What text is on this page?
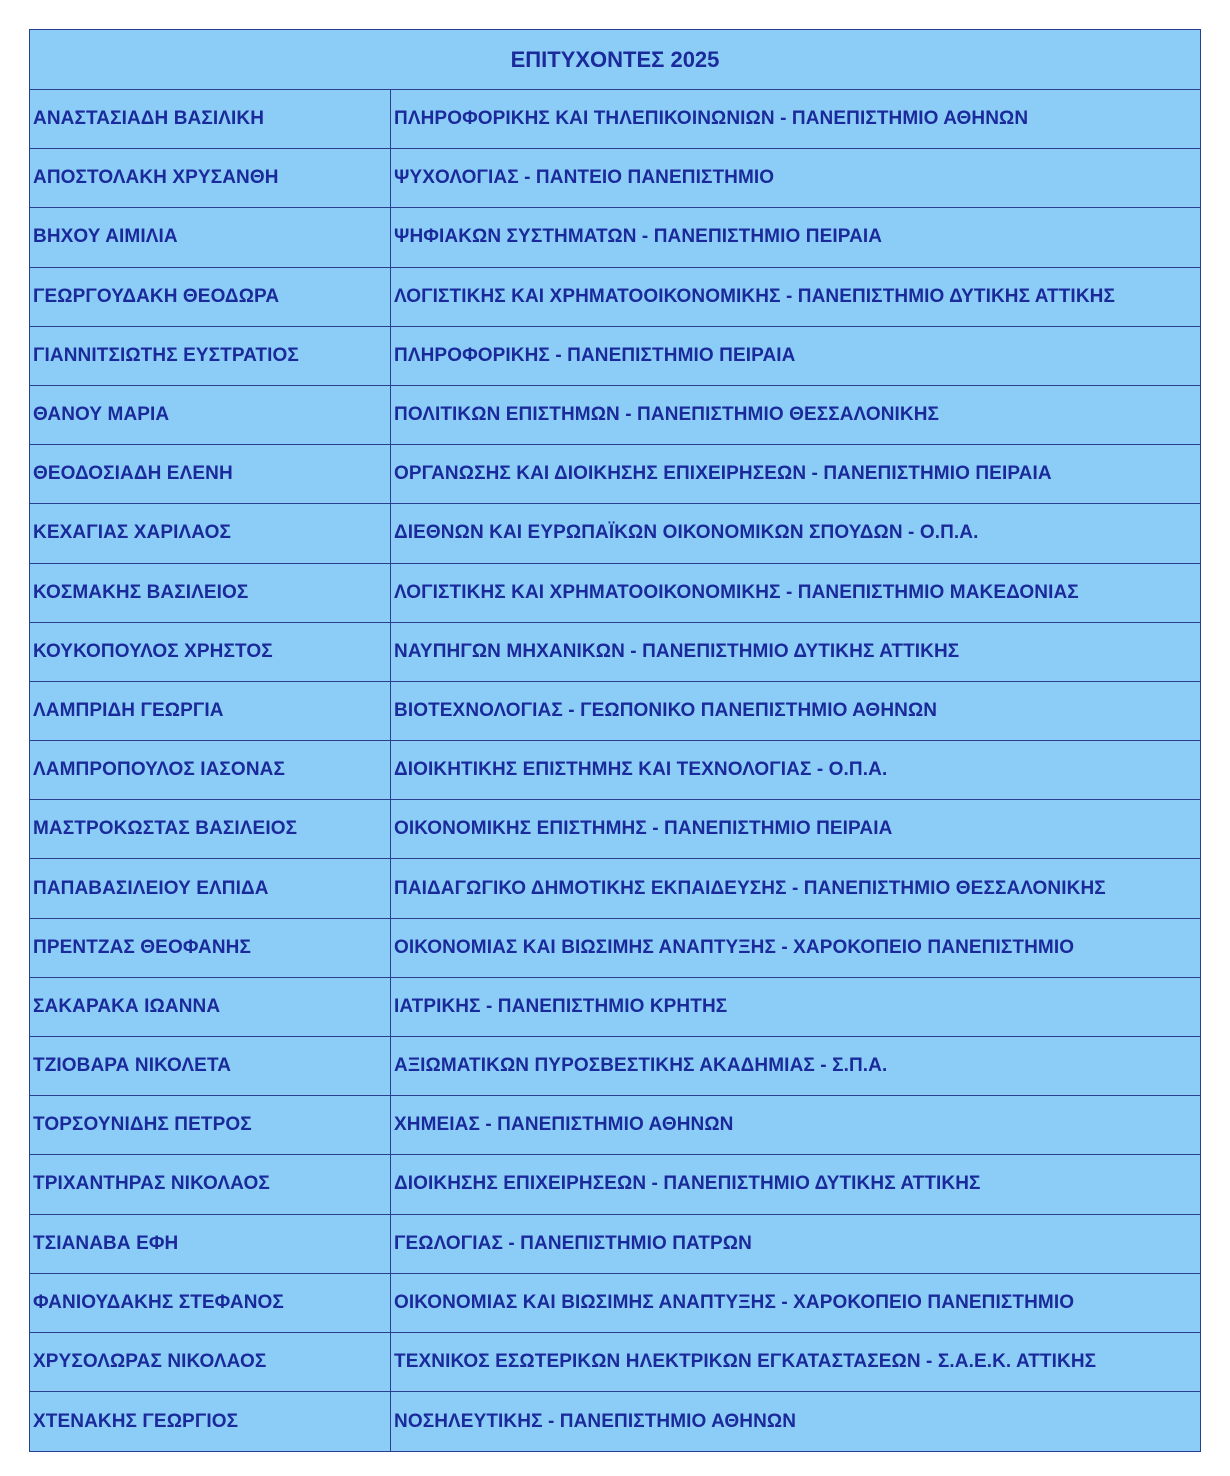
ΕΠΙΤΥΧΟΝΤΕΣ 2025
ΑΝΑΣΤΑΣΙΑΔΗ ΒΑΣΙΛΙΚΗ	ΠΛΗΡΟΦΟΡΙΚΗΣ ΚΑΙ ΤΗΛΕΠΙΚΟΙΝΩΝΙΩΝ - ΠΑΝΕΠΙΣΤΗΜΙΟ ΑΘΗΝΩΝ
ΑΠΟΣΤΟΛΑΚΗ ΧΡΥΣΑΝΘΗ	ΨΥΧΟΛΟΓΙΑΣ - ΠΑΝΤΕΙΟ ΠΑΝΕΠΙΣΤΗΜΙΟ
ΒΗΧΟΥ ΑΙΜΙΛΙΑ	ΨΗΦΙΑΚΩΝ ΣΥΣΤΗΜΑΤΩΝ - ΠΑΝΕΠΙΣΤΗΜΙΟ ΠΕΙΡΑΙΑ
ΓΕΩΡΓΟΥΔΑΚΗ ΘΕΟΔΩΡΑ	ΛΟΓΙΣΤΙΚΗΣ ΚΑΙ ΧΡΗΜΑΤΟΟΙΚΟΝΟΜΙΚΗΣ - ΠΑΝΕΠΙΣΤΗΜΙΟ ΔΥΤΙΚΗΣ ΑΤΤΙΚΗΣ
ΓΙΑΝΝΙΤΣΙΩΤΗΣ ΕΥΣΤΡΑΤΙΟΣ	ΠΛΗΡΟΦΟΡΙΚΗΣ - ΠΑΝΕΠΙΣΤΗΜΙΟ ΠΕΙΡΑΙΑ
ΘΑΝΟΥ ΜΑΡΙΑ	ΠΟΛΙΤΙΚΩΝ ΕΠΙΣΤΗΜΩΝ - ΠΑΝΕΠΙΣΤΗΜΙΟ ΘΕΣΣΑΛΟΝΙΚΗΣ
ΘΕΟΔΟΣΙΑΔΗ ΕΛΕΝΗ	ΟΡΓΑΝΩΣΗΣ ΚΑΙ ΔΙΟΙΚΗΣΗΣ ΕΠΙΧΕΙΡΗΣΕΩΝ - ΠΑΝΕΠΙΣΤΗΜΙΟ ΠΕΙΡΑΙΑ
ΚΕΧΑΓΙΑΣ ΧΑΡΙΛΑΟΣ	ΔΙΕΘΝΩΝ ΚΑΙ ΕΥΡΩΠΑΪΚΩΝ ΟΙΚΟΝΟΜΙΚΩΝ ΣΠΟΥΔΩΝ - Ο.Π.Α.
ΚΟΣΜΑΚΗΣ ΒΑΣΙΛΕΙΟΣ	ΛΟΓΙΣΤΙΚΗΣ ΚΑΙ ΧΡΗΜΑΤΟΟΙΚΟΝΟΜΙΚΗΣ - ΠΑΝΕΠΙΣΤΗΜΙΟ ΜΑΚΕΔΟΝΙΑΣ
ΚΟΥΚΟΠΟΥΛΟΣ ΧΡΗΣΤΟΣ	ΝΑΥΠΗΓΩΝ ΜΗΧΑΝΙΚΩΝ - ΠΑΝΕΠΙΣΤΗΜΙΟ ΔΥΤΙΚΗΣ ΑΤΤΙΚΗΣ
ΛΑΜΠΡΙΔΗ ΓΕΩΡΓΙΑ	ΒΙΟΤΕΧΝΟΛΟΓΙΑΣ - ΓΕΩΠΟΝΙΚΟ ΠΑΝΕΠΙΣΤΗΜΙΟ ΑΘΗΝΩΝ
ΛΑΜΠΡΟΠΟΥΛΟΣ ΙΑΣΟΝΑΣ	ΔΙΟΙΚΗΤΙΚΗΣ ΕΠΙΣΤΗΜΗΣ ΚΑΙ ΤΕΧΝΟΛΟΓΙΑΣ - Ο.Π.Α.
ΜΑΣΤΡΟΚΩΣΤΑΣ ΒΑΣΙΛΕΙΟΣ	ΟΙΚΟΝΟΜΙΚΗΣ ΕΠΙΣΤΗΜΗΣ - ΠΑΝΕΠΙΣΤΗΜΙΟ ΠΕΙΡΑΙΑ
ΠΑΠΑΒΑΣΙΛΕΙΟΥ ΕΛΠΙΔΑ	ΠΑΙΔΑΓΩΓΙΚΟ ΔΗΜΟΤΙΚΗΣ ΕΚΠΑΙΔΕΥΣΗΣ - ΠΑΝΕΠΙΣΤΗΜΙΟ ΘΕΣΣΑΛΟΝΙΚΗΣ
ΠΡΕΝΤΖΑΣ ΘΕΟΦΑΝΗΣ	ΟΙΚΟΝΟΜΙΑΣ ΚΑΙ ΒΙΩΣΙΜΗΣ ΑΝΑΠΤΥΞΗΣ - ΧΑΡΟΚΟΠΕΙΟ ΠΑΝΕΠΙΣΤΗΜΙΟ
ΣΑΚΑΡΑΚΑ ΙΩΑΝΝΑ	ΙΑΤΡΙΚΗΣ - ΠΑΝΕΠΙΣΤΗΜΙΟ ΚΡΗΤΗΣ
ΤΖΙΟΒΑΡΑ ΝΙΚΟΛΕΤΑ	ΑΞΙΩΜΑΤΙΚΩΝ ΠΥΡΟΣΒΕΣΤΙΚΗΣ ΑΚΑΔΗΜΙΑΣ - Σ.Π.Α.
ΤΟΡΣΟΥΝΙΔΗΣ ΠΕΤΡΟΣ	ΧΗΜΕΙΑΣ - ΠΑΝΕΠΙΣΤΗΜΙΟ ΑΘΗΝΩΝ
ΤΡΙΧΑΝΤΗΡΑΣ ΝΙΚΟΛΑΟΣ	ΔΙΟΙΚΗΣΗΣ ΕΠΙΧΕΙΡΗΣΕΩΝ - ΠΑΝΕΠΙΣΤΗΜΙΟ ΔΥΤΙΚΗΣ ΑΤΤΙΚΗΣ
ΤΣΙΑΝΑΒΑ ΕΦΗ	ΓΕΩΛΟΓΙΑΣ - ΠΑΝΕΠΙΣΤΗΜΙΟ ΠΑΤΡΩΝ
ΦΑΝΙΟΥΔΑΚΗΣ ΣΤΕΦΑΝΟΣ	ΟΙΚΟΝΟΜΙΑΣ ΚΑΙ ΒΙΩΣΙΜΗΣ ΑΝΑΠΤΥΞΗΣ - ΧΑΡΟΚΟΠΕΙΟ ΠΑΝΕΠΙΣΤΗΜΙΟ
ΧΡΥΣΟΛΩΡΑΣ ΝΙΚΟΛΑΟΣ	ΤΕΧΝΙΚΟΣ ΕΣΩΤΕΡΙΚΩΝ ΗΛΕΚΤΡΙΚΩΝ ΕΓΚΑΤΑΣΤΑΣΕΩΝ - Σ.Α.Ε.Κ. ΑΤΤΙΚΗΣ
ΧΤΕΝΑΚΗΣ ΓΕΩΡΓΙΟΣ	ΝΟΣΗΛΕΥΤΙΚΗΣ - ΠΑΝΕΠΙΣΤΗΜΙΟ ΑΘΗΝΩΝ
